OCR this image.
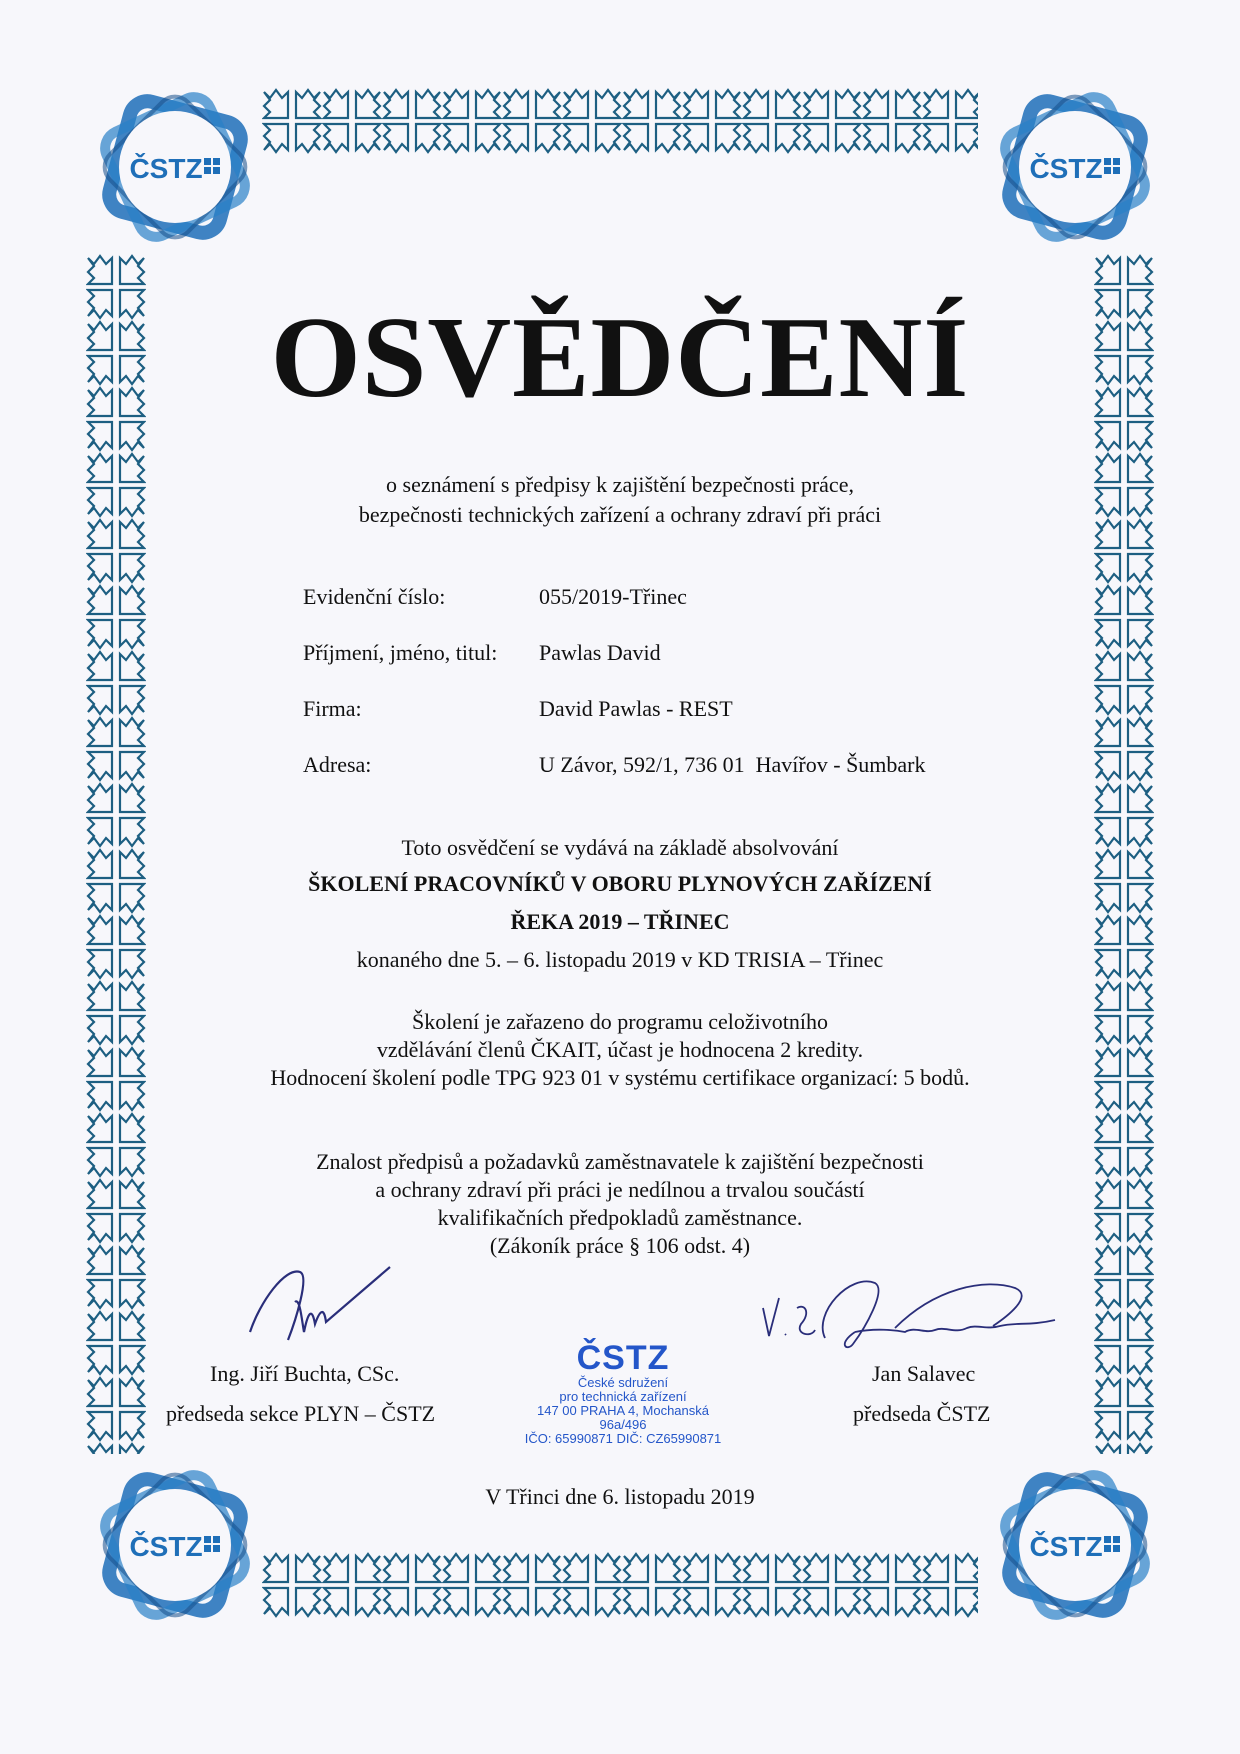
ČSTZ	ČSTZ
ČSTZ	ČSTZ
OSVĚDČENÍ
o seznámení s předpisy k zajištění bezpečnosti práce,
bezpečnosti technických zařízení a ochrany zdraví při práci
Evidenční číslo:	055/2019-Třinec
Příjmení, jméno, titul:	Pawlas David
Firma:	David Pawlas - REST
Adresa:	U Závor, 592/1, 736 01  Havířov - Šumbark
Toto osvědčení se vydává na základě absolvování
ŠKOLENÍ PRACOVNÍKŮ V OBORU PLYNOVÝCH ZAŘÍZENÍ
ŘEKA 2019 – TŘINEC
konaného dne 5. – 6. listopadu 2019 v KD TRISIA – Třinec
Školení je zařazeno do programu celoživotního
vzdělávání členů ČKAIT, účast je hodnocena 2 kredity.
Hodnocení školení podle TPG 923 01 v systému certifikace organizací: 5 bodů.
Znalost předpisů a požadavků zaměstnavatele k zajištění bezpečnosti
a ochrany zdraví při práci je nedílnou a trvalou součástí
kvalifikačních předpokladů zaměstnance.
(Zákoník práce § 106 odst. 4)
Ing. Jiří Buchta, CSc.
předseda sekce PLYN – ČSTZ
Jan Salavec
předseda ČSTZ
ČSTZ
České sdružení
pro technická zařízení
147 00 PRAHA 4, Mochanská 96a/496
IČO: 65990871 DIČ: CZ65990871
V Třinci dne 6. listopadu 2019
